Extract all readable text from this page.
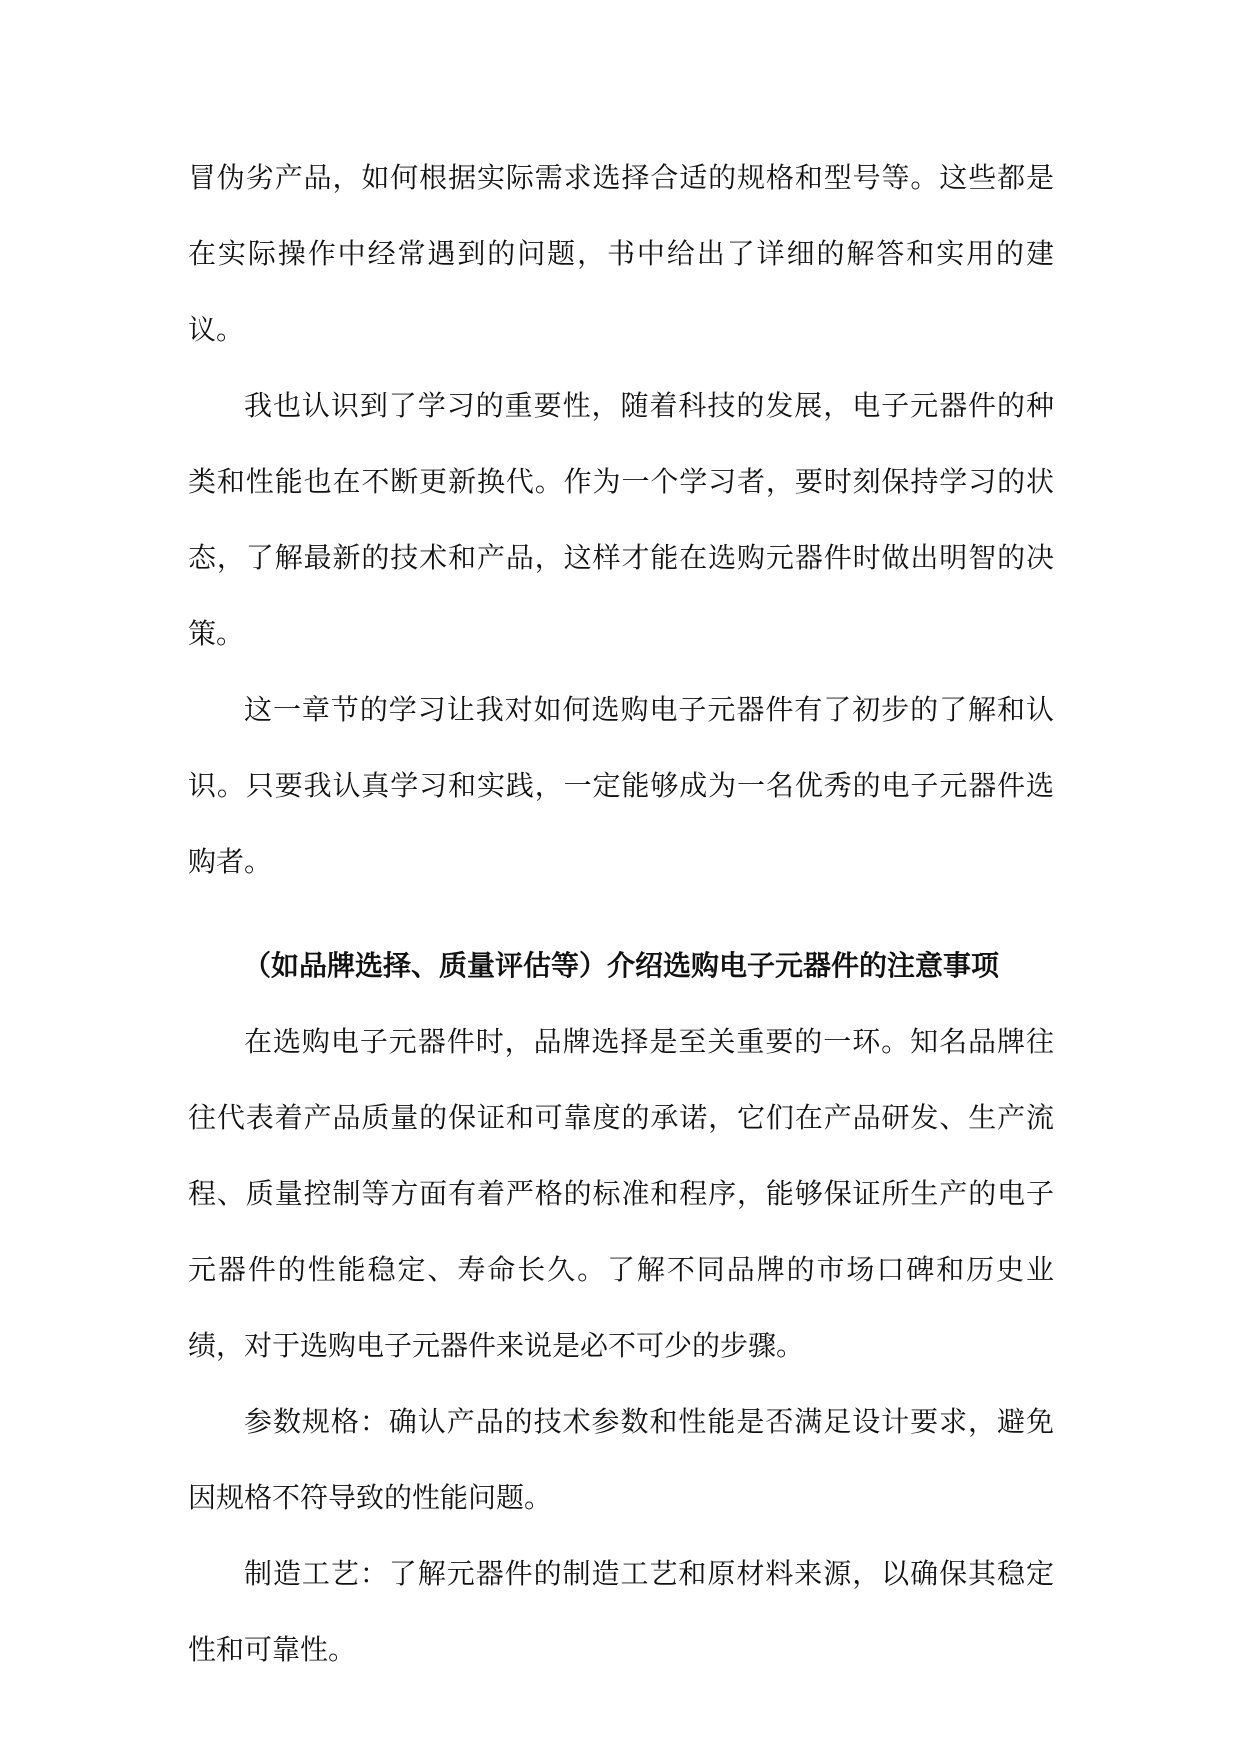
冒伪劣产品，如何根据实际需求选择合适的规格和型号等。这些都是在实际操作中经常遇到的问题，书中给出了详细的解答和实用的建议。

我也认识到了学习的重要性，随着科技的发展，电子元器件的种类和性能也在不断更新换代。作为一个学习者，要时刻保持学习的状态，了解最新的技术和产品，这样才能在选购元器件时做出明智的决策。

这一章节的学习让我对如何选购电子元器件有了初步的了解和认识。只要我认真学习和实践，一定能够成为一名优秀的电子元器件选购者。

（如品牌选择、质量评估等）介绍选购电子元器件的注意事项

在选购电子元器件时，品牌选择是至关重要的一环。知名品牌往往代表着产品质量的保证和可靠度的承诺，它们在产品研发、生产流程、质量控制等方面有着严格的标准和程序，能够保证所生产的电子元器件的性能稳定、寿命长久。了解不同品牌的市场口碑和历史业绩，对于选购电子元器件来说是必不可少的步骤。

参数规格：确认产品的技术参数和性能是否满足设计要求，避免因规格不符导致的性能问题。

制造工艺：了解元器件的制造工艺和原材料来源，以确保其稳定性和可靠性。
